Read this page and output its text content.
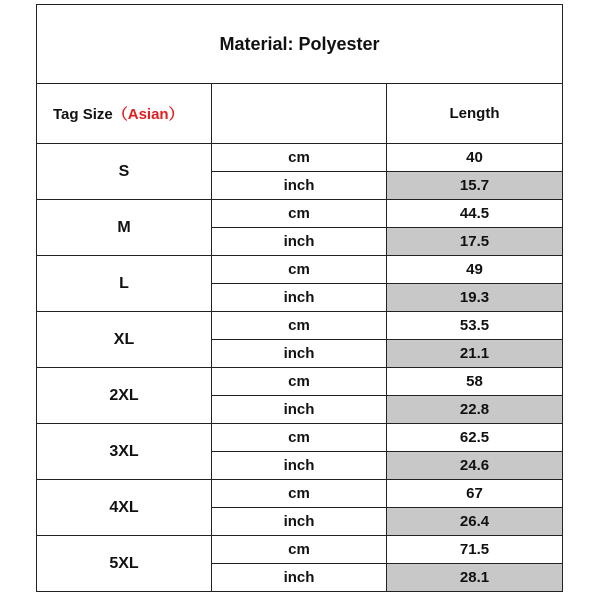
Material: Polyester		
Tag Size（Asian）		Length
S	cm	40
	inch	15.7
M	cm	44.5
	inch	17.5
L	cm	49
	inch	19.3
XL	cm	53.5
	inch	21.1
2XL	cm	58
	inch	22.8
3XL	cm	62.5
	inch	24.6
4XL	cm	67
	inch	26.4
5XL	cm	71.5
	inch	28.1
